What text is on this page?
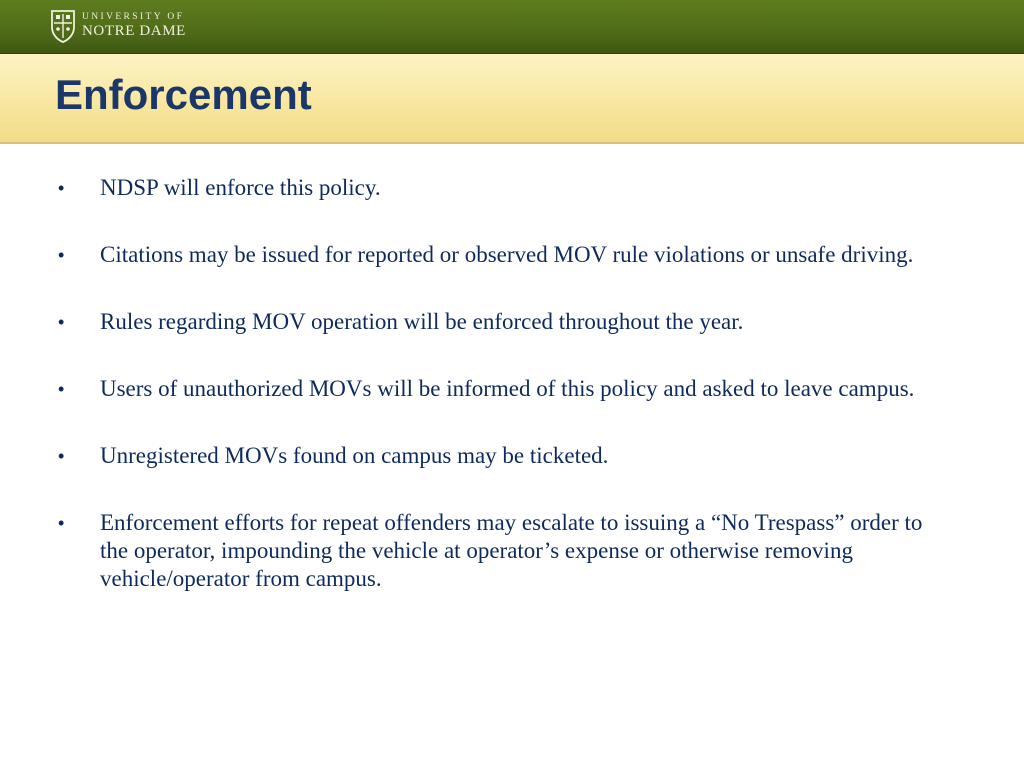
UNIVERSITY OF
NOTRE DAME
Enforcement
•	NDSP will enforce this policy.
•	Citations may be issued for reported or observed MOV rule violations or unsafe driving.
•	Rules regarding MOV operation will be enforced throughout the year.
•	Users of unauthorized MOVs will be informed of this policy and asked to leave campus.
•	Unregistered MOVs found on campus may be ticketed.
•	Enforcement efforts for repeat offenders may escalate to issuing a “No Trespass” order to the operator, impounding the vehicle at operator’s expense or otherwise removing vehicle/operator from campus.
